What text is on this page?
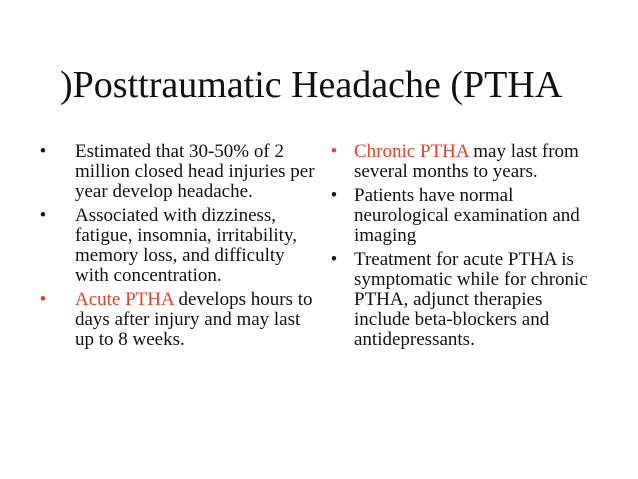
)Posttraumatic Headache (PTHA
•	Estimated that 30-50% of 2 million closed head injuries per year develop headache.
•	Associated with dizziness, fatigue, insomnia, irritability, memory loss, and difficulty with concentration.
•	Acute PTHA develops hours to days after injury and may last up to 8 weeks.
• Chronic PTHA may last from several months to years.
• Patients have normal neurological examination and imaging
• Treatment for acute PTHA is symptomatic while for chronic PTHA, adjunct therapies include beta-blockers and antidepressants.
